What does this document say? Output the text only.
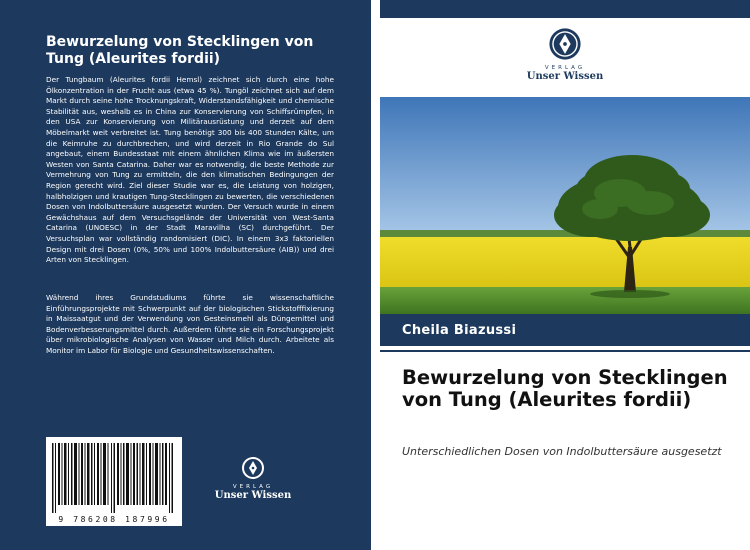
Bewurzelung von Stecklingen von Tung (Aleurites fordii)

Der Tungbaum (Aleurites fordii Hemsl) zeichnet sich durch eine hohe Ölkonzentration in der Frucht aus (etwa 45 %). Tungöl zeichnet sich auf dem Markt durch seine hohe Trocknungskraft, Widerstandsfähigkeit und chemische Stabilität aus, weshalb es in China zur Konservierung von Schiffsrümpfen, in den USA zur Konservierung von Militärausrüstung und derzeit auf dem Möbelmarkt weit verbreitet ist. Tung benötigt 300 bis 400 Stunden Kälte, um die Keimruhe zu durchbrechen, und wird derzeit in Rio Grande do Sul angebaut, einem Bundesstaat mit einem ähnlichen Klima wie im äußersten Westen von Santa Catarina. Daher war es notwendig, die beste Methode zur Vermehrung von Tung zu ermitteln, die den klimatischen Bedingungen der Region gerecht wird. Ziel dieser Studie war es, die Leistung von holzigen, halbholzigen und krautigen Tung-Stecklingen zu bewerten, die verschiedenen Dosen von Indolbuttersäure ausgesetzt wurden. Der Versuch wurde in einem Gewächshaus auf dem Versuchsgelände der Universität von West-Santa Catarina (UNOESC) in der Stadt Maravilha (SC) durchgeführt. Der Versuchsplan war vollständig randomisiert (DIC). In einem 3x3 faktoriellen Design mit drei Dosen (0%, 50% und 100% Indolbuttersäure (AIB)) und drei Arten von Stecklingen.

Während ihres Grundstudiums führte sie wissenschaftliche Einführungsprojekte mit Schwerpunkt auf der biologischen Stickstofffixierung in Maissaatgut und der Verwendung von Gesteinsmehl als Düngemittel und Bodenverbesserungsmittel durch. Außerdem führte sie ein Forschungsprojekt über mikrobiologische Analysen von Wasser und Milch durch. Arbeitete als Monitor im Labor für Biologie und Gesundheitswissenschaften.

9 786208 187996
VERLAG
Unser Wissen
VERLAG
Unser Wissen
Cheila Biazussi
Bewurzelung von Stecklingen von Tung (Aleurites fordii)

Unterschiedlichen Dosen von Indolbuttersäure ausgesetzt
